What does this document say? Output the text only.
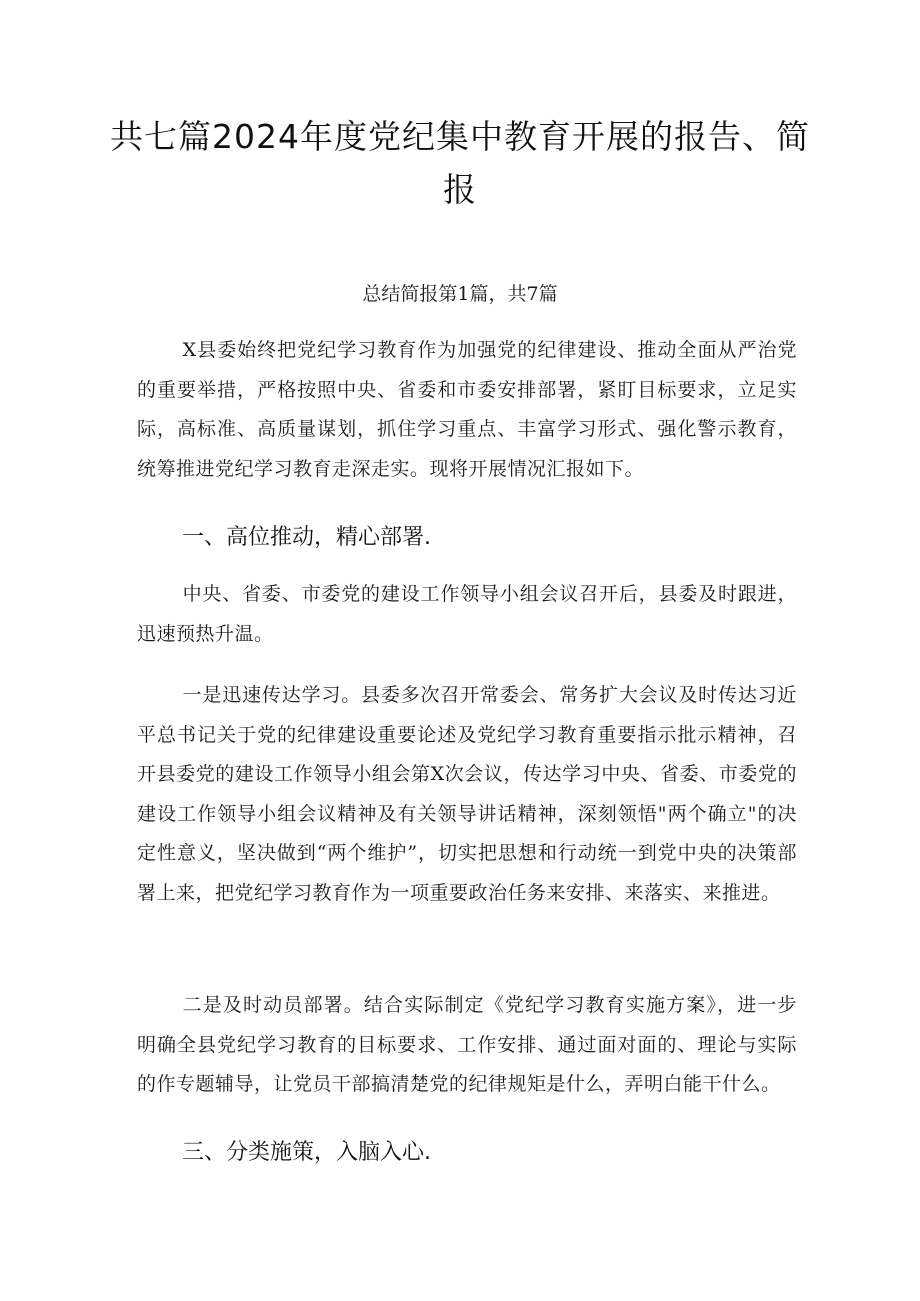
共七篇2024年度党纪集中教育开展的报告、简报

总结简报第1篇，共7篇

X县委始终把党纪学习教育作为加强党的纪律建设、推动全面从严治党的重要举措，严格按照中央、省委和市委安排部署，紧盯目标要求，立足实际，高标准、高质量谋划，抓住学习重点、丰富学习形式、强化警示教育，统筹推进党纪学习教育走深走实。现将开展情况汇报如下。

一、高位推动，精心部署.

中央、省委、市委党的建设工作领导小组会议召开后，县委及时跟进，迅速预热升温。

一是迅速传达学习。县委多次召开常委会、常务扩大会议及时传达习近平总书记关于党的纪律建设重要论述及党纪学习教育重要指示批示精神，召开县委党的建设工作领导小组会第X次会议，传达学习中央、省委、市委党的建设工作领导小组会议精神及有关领导讲话精神，深刻领悟"两个确立"的决定性意义，坚决做到“两个维护”，切实把思想和行动统一到党中央的决策部署上来，把党纪学习教育作为一项重要政治任务来安排、来落实、来推进。

二是及时动员部署。结合实际制定《党纪学习教育实施方案》，进一步明确全县党纪学习教育的目标要求、工作安排、通过面对面的、理论与实际的作专题辅导，让党员干部搞清楚党的纪律规矩是什么，弄明白能干什么。

三、分类施策，入脑入心.
